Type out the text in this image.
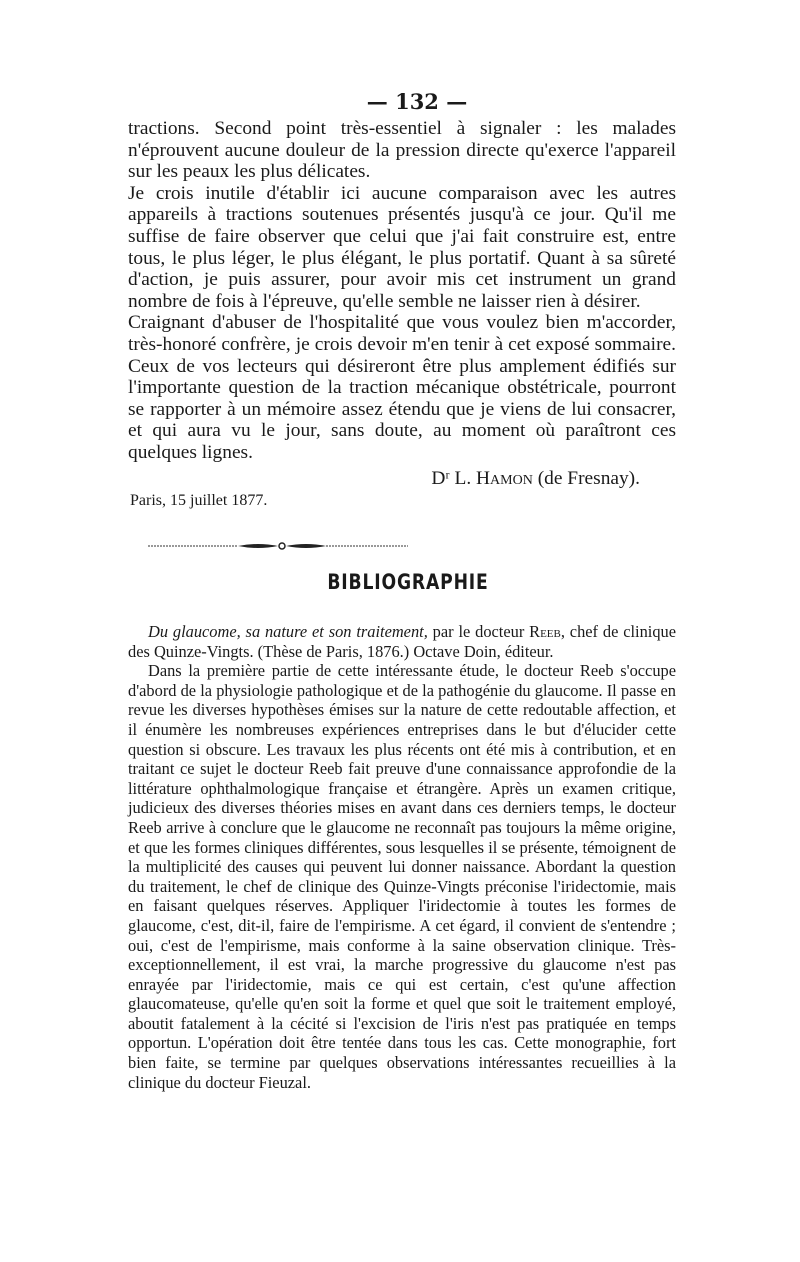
— 132 —

tractions. Second point très-essentiel à signaler : les malades n'éprouvent aucune douleur de la pression directe qu'exerce l'appareil sur les peaux les plus délicates.

Je crois inutile d'établir ici aucune comparaison avec les autres appareils à tractions soutenues présentés jusqu'à ce jour. Qu'il me suffise de faire observer que celui que j'ai fait construire est, entre tous, le plus léger, le plus élégant, le plus portatif. Quant à sa sûreté d'action, je puis assurer, pour avoir mis cet instrument un grand nombre de fois à l'épreuve, qu'elle semble ne laisser rien à désirer.

Craignant d'abuser de l'hospitalité que vous voulez bien m'accorder, très-honoré confrère, je crois devoir m'en tenir à cet exposé sommaire. Ceux de vos lecteurs qui désireront être plus amplement édifiés sur l'importante question de la traction mécanique obstétricale, pourront se rapporter à un mémoire assez étendu que je viens de lui consacrer, et qui aura vu le jour, sans doute, au moment où paraîtront ces quelques lignes.

Dʳ L. Hamon (de Fresnay).
Paris, 15 juillet 1877.
BIBLIOGRAPHIE

Du glaucome, sa nature et son traitement, par le docteur Reeb, chef de clinique des Quinze-Vingts. (Thèse de Paris, 1876.) Octave Doin, éditeur.

Dans la première partie de cette intéressante étude, le docteur Reeb s'occupe d'abord de la physiologie pathologique et de la pathogénie du glaucome. Il passe en revue les diverses hypothèses émises sur la nature de cette redoutable affection, et il énumère les nombreuses expériences entreprises dans le but d'élucider cette question si obscure. Les travaux les plus récents ont été mis à contribution, et en traitant ce sujet le docteur Reeb fait preuve d'une connaissance approfondie de la littérature ophthalmologique française et étrangère. Après un examen critique, judicieux des diverses théories mises en avant dans ces derniers temps, le docteur Reeb arrive à conclure que le glaucome ne reconnaît pas toujours la même origine, et que les formes cliniques différentes, sous lesquelles il se présente, témoignent de la multiplicité des causes qui peuvent lui donner naissance. Abordant la question du traitement, le chef de clinique des Quinze-Vingts préconise l'iridectomie, mais en faisant quelques réserves. Appliquer l'iridectomie à toutes les formes de glaucome, c'est, dit-il, faire de l'empirisme. A cet égard, il convient de s'entendre ; oui, c'est de l'empirisme, mais conforme à la saine observation clinique. Très-exceptionnellement, il est vrai, la marche progressive du glaucome n'est pas enrayée par l'iridectomie, mais ce qui est certain, c'est qu'une affection glaucomateuse, qu'elle qu'en soit la forme et quel que soit le traitement employé, aboutit fatalement à la cécité si l'excision de l'iris n'est pas pratiquée en temps opportun. L'opération doit être tentée dans tous les cas. Cette monographie, fort bien faite, se termine par quelques observations intéressantes recueillies à la clinique du docteur Fieuzal.
